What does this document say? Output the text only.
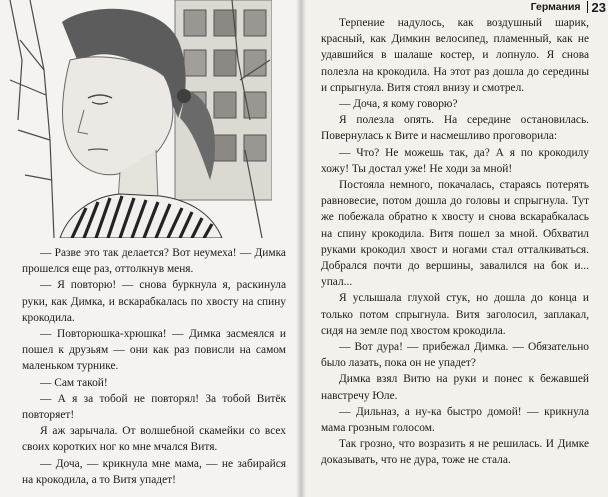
— Разве это так делается? Вот неумеха! — Димка прошелся еще раз, оттолкнув меня.

— Я повторю! — снова буркнула я, раскинула руки, как Димка, и вскарабкалась по хвосту на спину крокодила.

— Повторюшка-хрюшка! — Димка засмеялся и пошел к друзьям — они как раз повисли на самом маленьком турнике.

— Сам такой!

— А я за тобой не повторял! За тобой Витёк повторяет!

Я аж зарычала. От волшебной скамейки со всех своих коротких ног ко мне мчался Витя.

— Доча, — крикнула мне мама, — не забирайся на крокодила, а то Витя упадет!

Германия 23

Терпение надулось, как воздушный шарик, красный, как Димкин велосипед, пламенный, как не удавшийся в шалаше костер, и лопнуло. Я снова полезла на крокодила. На этот раз дошла до середины и спрыгнула. Витя стоял внизу и смотрел.

— Доча, я кому говорю?

Я полезла опять. На середине остановилась. Повернулась к Вите и насмешливо проговорила:

— Что? Не можешь так, да? А я по крокодилу хожу! Ты достал уже! Не ходи за мной!

Постояла немного, покачалась, стараясь потерять равновесие, потом дошла до головы и спрыгнула. Тут же побежала обратно к хвосту и снова вскарабкалась на спину крокодила. Витя пошел за мной. Обхватил руками крокодил хвост и ногами стал отталкиваться. Добрался почти до вершины, завалился на бок и... упал...

Я услышала глухой стук, но дошла до конца и только потом спрыгнула. Витя заголосил, заплакал, сидя на земле под хвостом крокодила.

— Вот дура! — прибежал Димка. — Обязательно было лазать, пока он не упадет?

Димка взял Витю на руки и понес к бежавшей навстречу Юле.

— Дильназ, а ну-ка быстро домой! — крикнула мама грозным голосом.

Так грозно, что возразить я не решилась. И Димке доказывать, что не дура, тоже не стала.
